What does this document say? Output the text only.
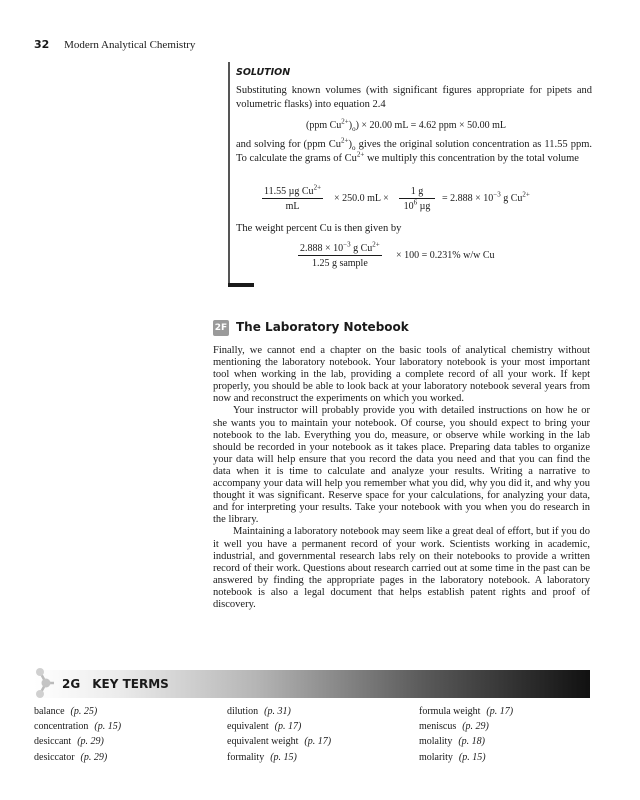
32 Modern Analytical Chemistry
SOLUTION

Substituting known volumes (with significant figures appropriate for pipets and volumetric flasks) into equation 2.4

(ppm $Cu^{2+})_o) \times 20.00$ mL = 4.62 ppm × 50.00 mL

and solving for (ppm $Cu^{2+})_o$ gives the original solution concentration as 11.55 ppm. To calculate the grams of $Cu^{2+}$ we multiply this concentration by the total volume

11.55 µg $Cu^{2+}$
mL
× 250.0 mL ×
1 g
$10^6$ µg
= $2.888 \times 10^{-3}$ g $Cu^{2+}$

The weight percent Cu is then given by

$2.888 \times 10^{-3}$ g $Cu^{2+}$
1.25 g sample
× 100 = 0.231% w/w Cu
2F The Laboratory Notebook

Finally, we cannot end a chapter on the basic tools of analytical chemistry without mentioning the laboratory notebook. Your laboratory notebook is your most important tool when working in the lab, providing a complete record of all your work. If kept properly, you should be able to look back at your laboratory notebook several years from now and reconstruct the experiments on which you worked.

Your instructor will probably provide you with detailed instructions on how he or she wants you to maintain your notebook. Of course, you should expect to bring your notebook to the lab. Everything you do, measure, or observe while working in the lab should be recorded in your notebook as it takes place. Preparing data tables to organize your data will help ensure that you record the data you need and that you can find the data when it is time to calculate and analyze your results. Writing a narrative to accompany your data will help you remember what you did, why you did it, and why you thought it was significant. Reserve space for your calculations, for analyzing your data, and for interpreting your results. Take your notebook with you when you do research in the library.

Maintaining a laboratory notebook may seem like a great deal of effort, but if you do it well you have a permanent record of your work. Scientists working in academic, industrial, and governmental research labs rely on their notebooks to provide a written record of their work. Questions about research carried out at some time in the past can be answered by finding the appropriate pages in the laboratory notebook. A laboratory notebook is also a legal document that helps establish patent rights and proof of discovery.

2G KEY TERMS
balance (p. 25)
concentration (p. 15)
desiccant (p. 29)
desiccator (p. 29)
dilution (p. 31)
equivalent (p. 17)
equivalent weight (p. 17)
formality (p. 15)
formula weight (p. 17)
meniscus (p. 29)
molality (p. 18)
molarity (p. 15)
